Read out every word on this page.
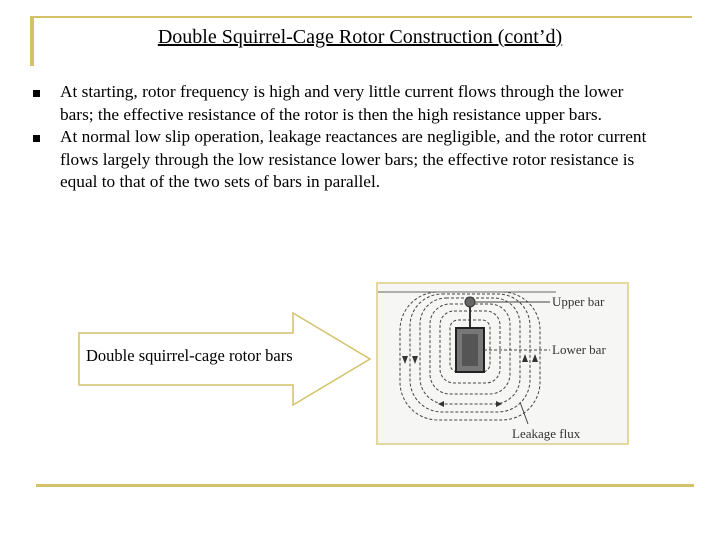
Double Squirrel-Cage Rotor Construction (cont’d)
At starting, rotor frequency is high and very little current flows through the lower bars; the effective resistance of the rotor is then the high resistance upper bars.
At normal low slip operation, leakage reactances are negligible, and the rotor current flows largely through the low resistance lower bars; the effective rotor resistance is equal to that of the two sets of bars in parallel.
Double squirrel-cage rotor bars
Upper bar
Lower bar
Leakage flux
